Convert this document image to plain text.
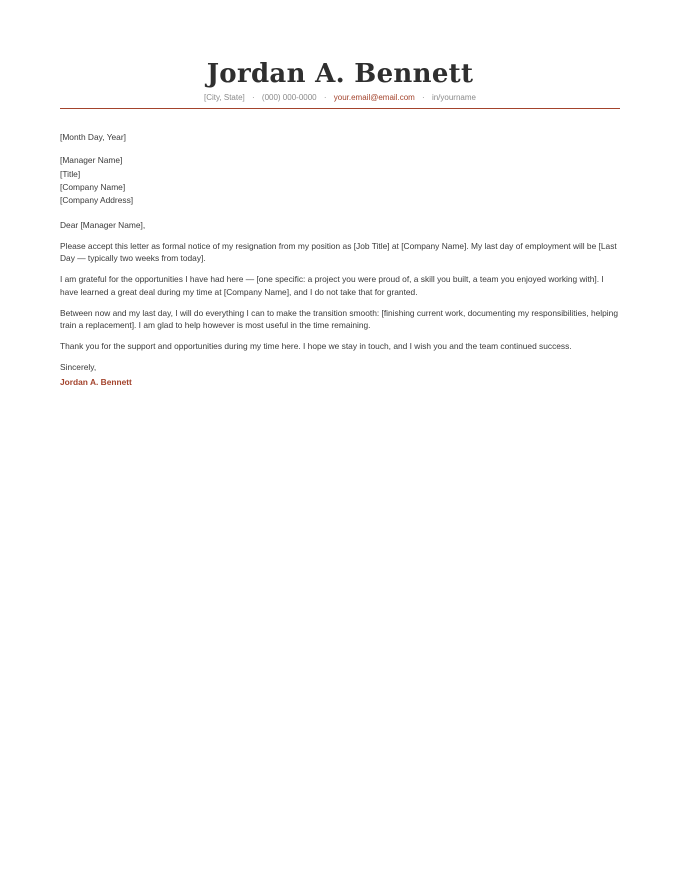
Jordan A. Bennett
[City, State] · (000) 000-0000 · your.email@email.com · in/yourname

[Month Day, Year]

[Manager Name]
[Title]
[Company Name]
[Company Address]

Dear [Manager Name],

Please accept this letter as formal notice of my resignation from my position as [Job Title] at [Company Name]. My last day of employment will be [Last Day — typically two weeks from today].

I am grateful for the opportunities I have had here — [one specific: a project you were proud of, a skill you built, a team you enjoyed working with]. I have learned a great deal during my time at [Company Name], and I do not take that for granted.

Between now and my last day, I will do everything I can to make the transition smooth: [finishing current work, documenting my responsibilities, helping train a replacement]. I am glad to help however is most useful in the time remaining.

Thank you for the support and opportunities during my time here. I hope we stay in touch, and I wish you and the team continued success.

Sincerely,

Jordan A. Bennett
